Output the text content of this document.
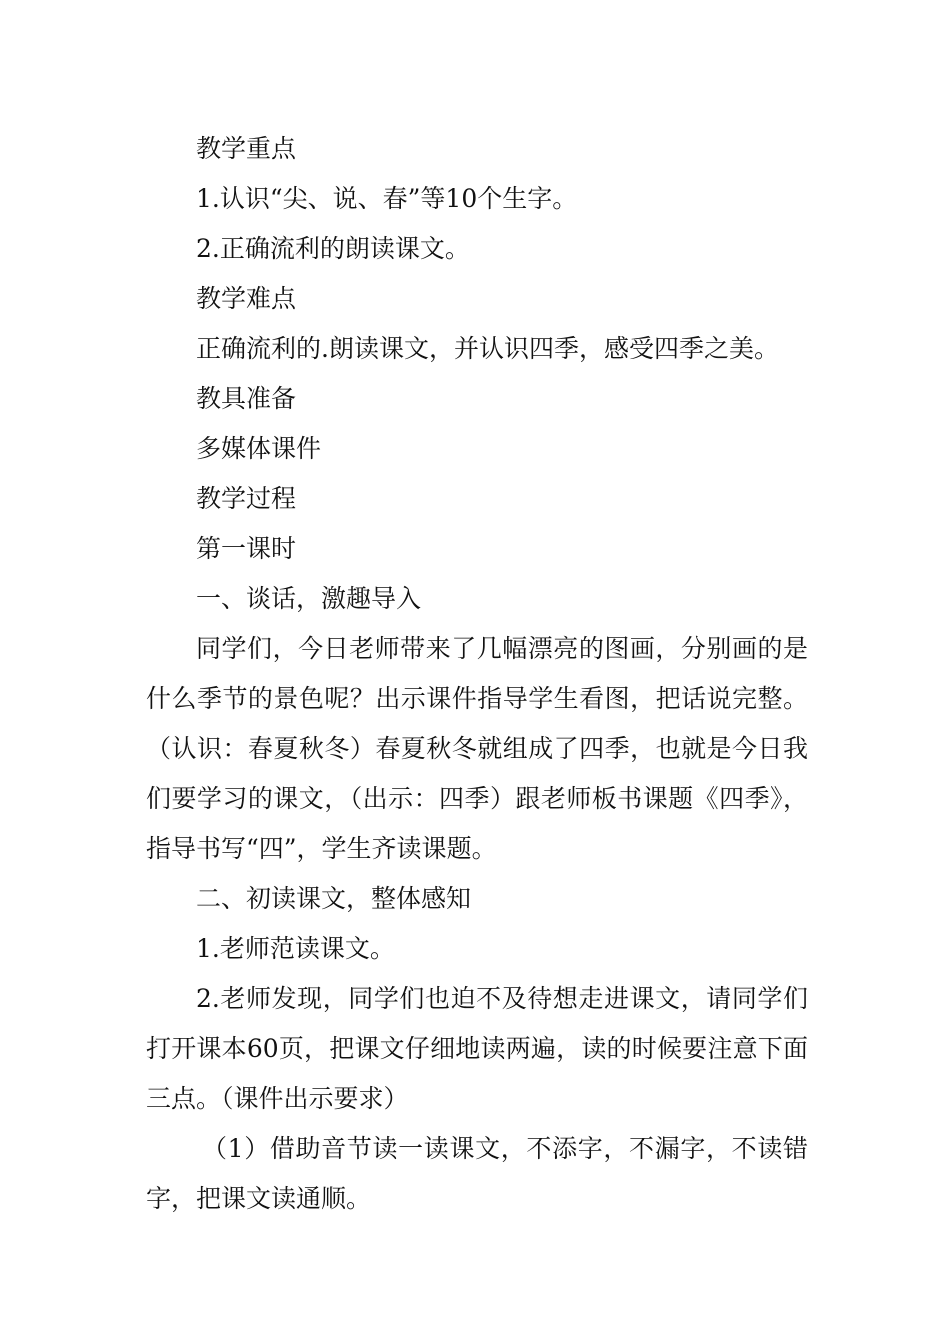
教学重点

1.认识“尖、说、春”等10个生字。

2.正确流利的朗读课文。

教学难点

正确流利的.朗读课文，并认识四季，感受四季之美。

教具准备

多媒体课件

教学过程

第一课时

一、谈话，激趣导入

同学们，今日老师带来了几幅漂亮的图画，分别画的是什么季节的景色呢？出示课件指导学生看图，把话说完整。（认识：春夏秋冬）春夏秋冬就组成了四季，也就是今日我们要学习的课文，（出示：四季）跟老师板书课题《四季》，指导书写“四”，学生齐读课题。

二、初读课文，整体感知

1.老师范读课文。

2.老师发现，同学们也迫不及待想走进课文，请同学们打开课本60页，把课文仔细地读两遍，读的时候要注意下面三点。（课件出示要求）

（1）借助音节读一读课文，不添字，不漏字，不读错字，把课文读通顺。
